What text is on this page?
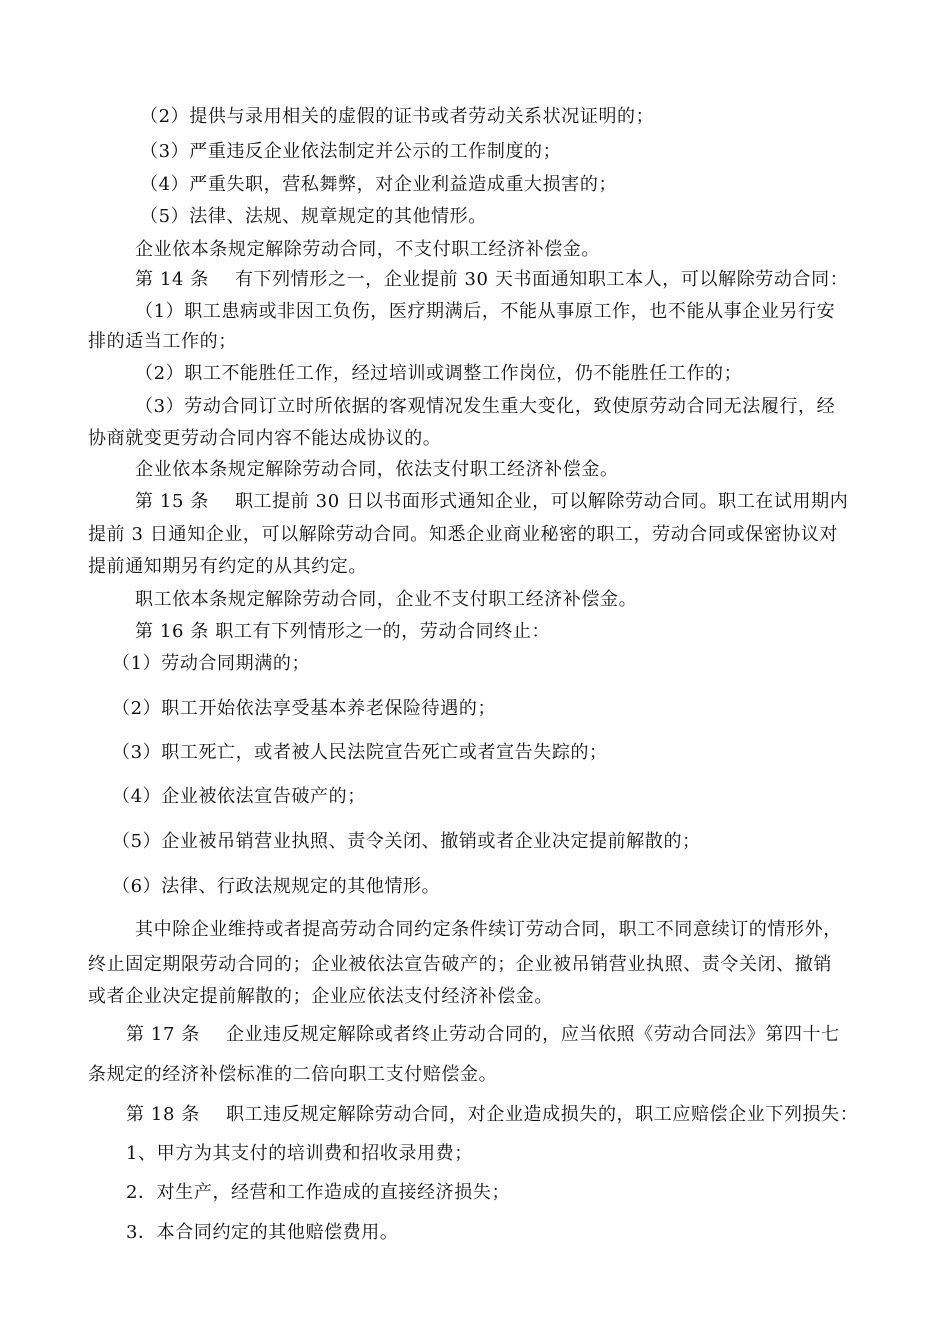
（2）提供与录用相关的虚假的证书或者劳动关系状况证明的；
（3）严重违反企业依法制定并公示的工作制度的；
（4）严重失职，营私舞弊，对企业利益造成重大损害的；
（5）法律、法规、规章规定的其他情形。
企业依本条规定解除劳动合同，不支付职工经济补偿金。
第 14 条 有下列情形之一，企业提前 30 天书面通知职工本人，可以解除劳动合同：
（1）职工患病或非因工负伤，医疗期满后，不能从事原工作，也不能从事企业另行安
排的适当工作的；
（2）职工不能胜任工作，经过培训或调整工作岗位，仍不能胜任工作的；
（3）劳动合同订立时所依据的客观情况发生重大变化，致使原劳动合同无法履行，经
协商就变更劳动合同内容不能达成协议的。
企业依本条规定解除劳动合同，依法支付职工经济补偿金。
第 15 条 职工提前 30 日以书面形式通知企业，可以解除劳动合同。职工在试用期内
提前 3 日通知企业，可以解除劳动合同。知悉企业商业秘密的职工，劳动合同或保密协议对
提前通知期另有约定的从其约定。
职工依本条规定解除劳动合同，企业不支付职工经济补偿金。
第 16 条 职工有下列情形之一的，劳动合同终止：
（1）劳动合同期满的；
（2）职工开始依法享受基本养老保险待遇的；
（3）职工死亡，或者被人民法院宣告死亡或者宣告失踪的；
（4）企业被依法宣告破产的；
（5）企业被吊销营业执照、责令关闭、撤销或者企业决定提前解散的；
（6）法律、行政法规规定的其他情形。
其中除企业维持或者提高劳动合同约定条件续订劳动合同，职工不同意续订的情形外，
终止固定期限劳动合同的；企业被依法宣告破产的；企业被吊销营业执照、责令关闭、撤销
或者企业决定提前解散的；企业应依法支付经济补偿金。
第 17 条 企业违反规定解除或者终止劳动合同的，应当依照《劳动合同法》第四十七
条规定的经济补偿标准的二倍向职工支付赔偿金。
第 18 条 职工违反规定解除劳动合同，对企业造成损失的，职工应赔偿企业下列损失：
1、甲方为其支付的培训费和招收录用费；
2．对生产，经营和工作造成的直接经济损失；
3．本合同约定的其他赔偿费用。
